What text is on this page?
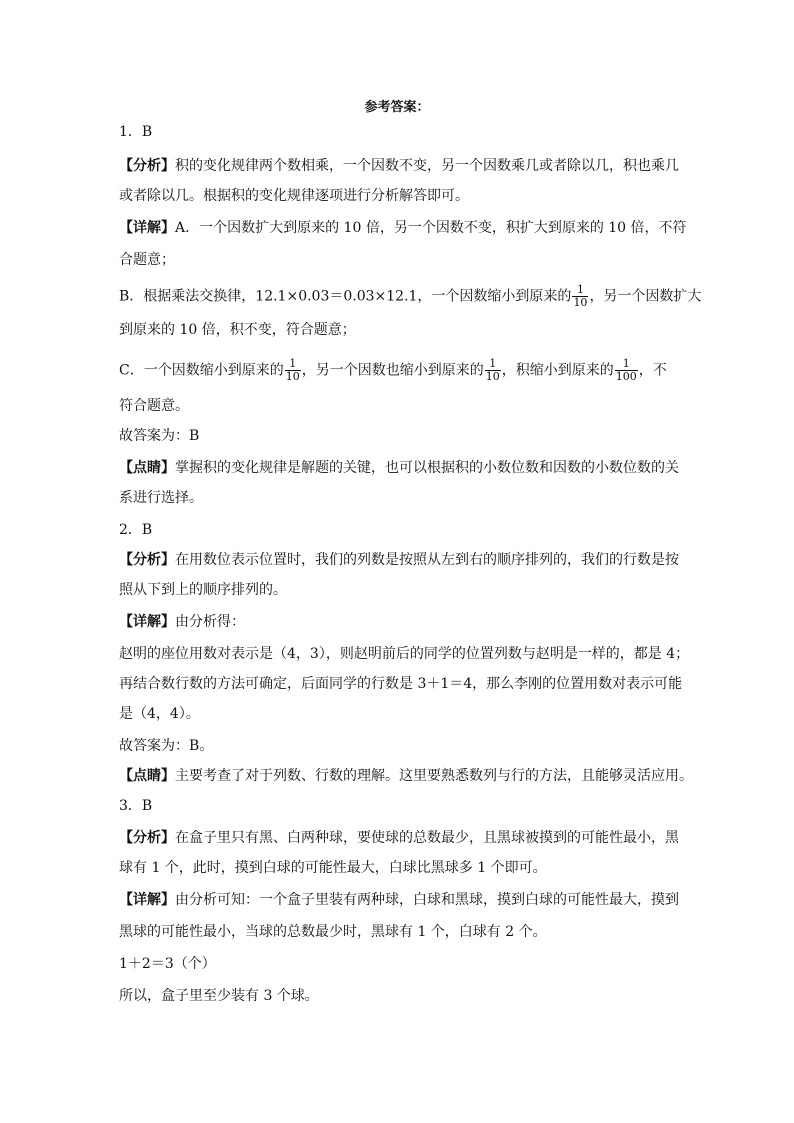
参考答案：
1．B
【分析】积的变化规律两个数相乘，一个因数不变，另一个因数乘几或者除以几，积也乘几
或者除以几。根据积的变化规律逐项进行分析解答即可。
【详解】A．一个因数扩大到原来的 10 倍，另一个因数不变，积扩大到原来的 10 倍，不符
合题意；
B．根据乘法交换律，12.1×0.03＝0.03×12.1，一个因数缩小到原来的 $\frac{1}{10}$ ，另一个因数扩大
到原来的 10 倍，积不变，符合题意；
C．一个因数缩小到原来的 $\frac{1}{10}$ ，另一个因数也缩小到原来的 $\frac{1}{10}$ ，积缩小到原来的 $\frac{1}{100}$ ，不
符合题意。
故答案为：B
【点睛】掌握积的变化规律是解题的关键，也可以根据积的小数位数和因数的小数位数的关
系进行选择。
2．B
【分析】在用数位表示位置时，我们的列数是按照从左到右的顺序排列的，我们的行数是按
照从下到上的顺序排列的。
【详解】由分析得：
赵明的座位用数对表示是（4，3），则赵明前后的同学的位置列数与赵明是一样的，都是 4；
再结合数行数的方法可确定，后面同学的行数是 3＋1＝4，那么李刚的位置用数对表示可能
是（4，4）。
故答案为：B。
【点睛】主要考查了对于列数、行数的理解。这里要熟悉数列与行的方法，且能够灵活应用。
3．B
【分析】在盒子里只有黑、白两种球，要使球的总数最少，且黑球被摸到的可能性最小，黑
球有 1 个，此时，摸到白球的可能性最大，白球比黑球多 1 个即可。
【详解】由分析可知：一个盒子里装有两种球，白球和黑球，摸到白球的可能性最大，摸到
黑球的可能性最小，当球的总数最少时，黑球有 1 个，白球有 2 个。
1＋2＝3（个）
所以，盒子里至少装有 3 个球。
